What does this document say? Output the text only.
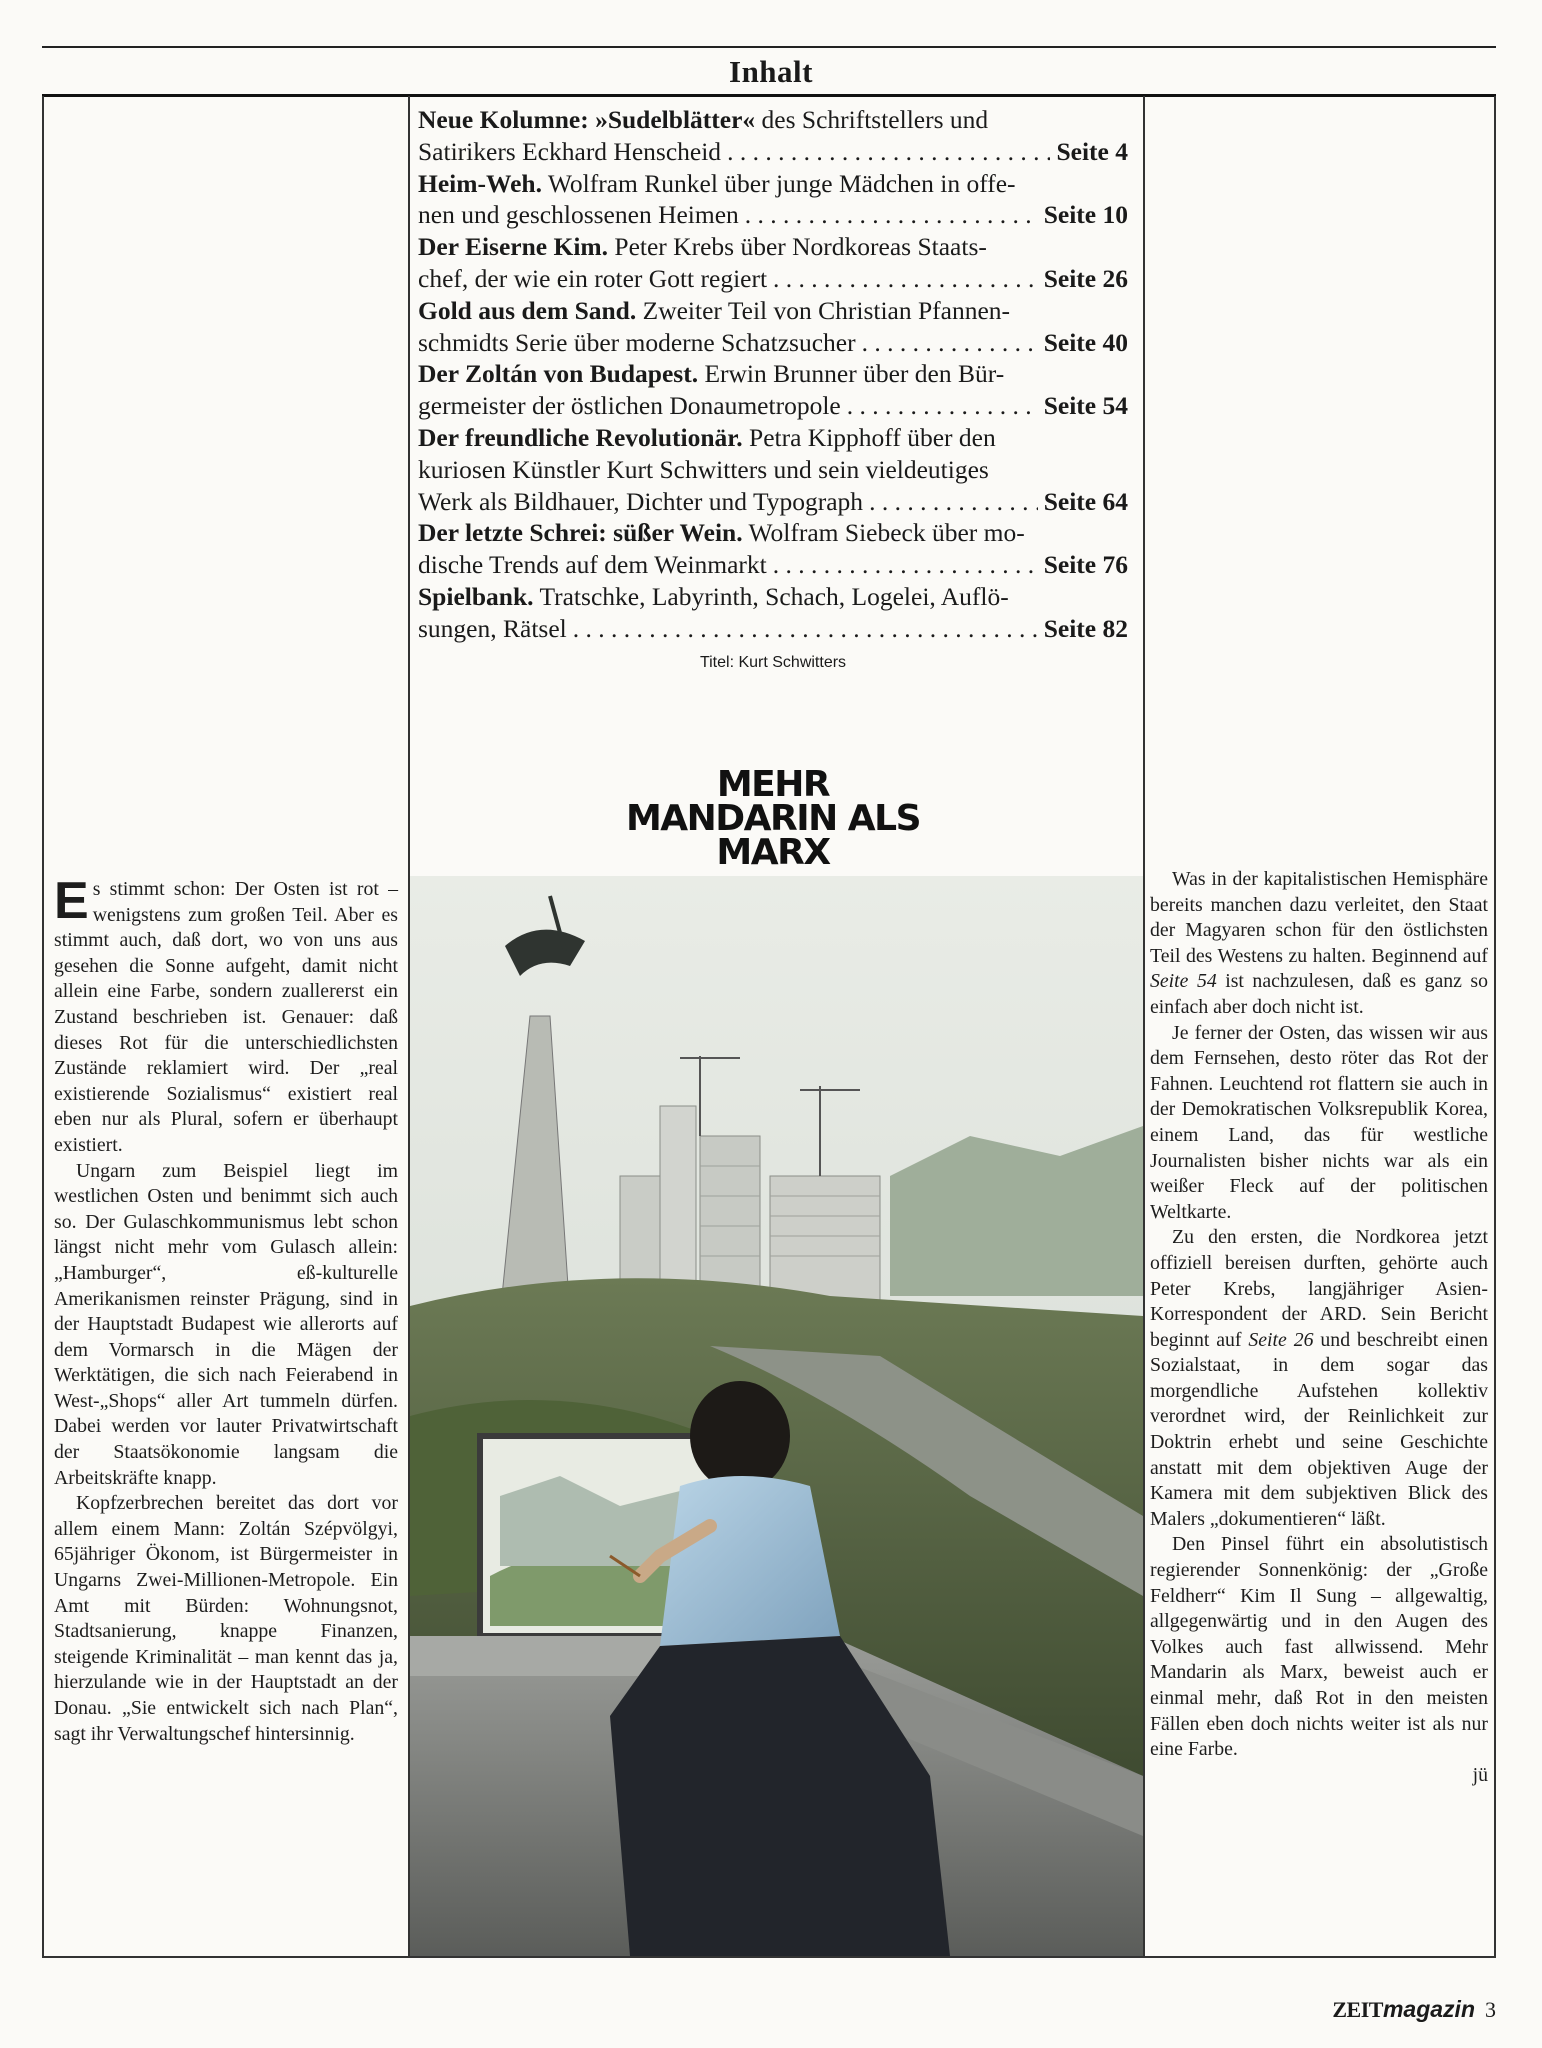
Inhalt
Neue Kolumne: »Sudelblätter« des Schriftstellers und
Satirikers Eckhard Henscheid . . .	Seite 4
Heim-Weh. Wolfram Runkel über junge Mädchen in offe-
nen und geschlossenen Heimen . . .	Seite 10
Der Eiserne Kim. Peter Krebs über Nordkoreas Staats-
chef, der wie ein roter Gott regiert . . .	Seite 26
Gold aus dem Sand. Zweiter Teil von Christian Pfannen-
schmidts Serie über moderne Schatzsucher . . .	Seite 40
Der Zoltán von Budapest. Erwin Brunner über den Bür-
germeister der östlichen Donaumetropole . . .	Seite 54
Der freundliche Revolutionär. Petra Kipphoff über den
kuriosen Künstler Kurt Schwitters und sein vieldeutiges
Werk als Bildhauer, Dichter und Typograph . . .	Seite 64
Der letzte Schrei: süßer Wein. Wolfram Siebeck über mo-
dische Trends auf dem Weinmarkt . . .	Seite 76
Spielbank. Tratschke, Labyrinth, Schach, Logelei, Auflö-
sungen, Rätsel . . .	Seite 82
Titel: Kurt Schwitters
MEHR
MANDARIN ALS
MARX

Es stimmt schon: Der Osten ist rot – wenigstens zum großen Teil. Aber es stimmt auch, daß dort, wo von uns aus gesehen die Sonne aufgeht, damit nicht allein eine Farbe, sondern zuallererst ein Zustand beschrieben ist. Genauer: daß dieses Rot für die unterschiedlichsten Zustände reklamiert wird. Der „real existierende Sozialismus“ existiert real eben nur als Plural, sofern er überhaupt existiert.

Ungarn zum Beispiel liegt im westlichen Osten und benimmt sich auch so. Der Gulaschkommunismus lebt schon längst nicht mehr vom Gulasch allein: „Hamburger“, eß-kulturelle Amerikanismen reinster Prägung, sind in der Hauptstadt Budapest wie allerorts auf dem Vormarsch in die Mägen der Werktätigen, die sich nach Feierabend in West-„Shops“ aller Art tummeln dürfen. Dabei werden vor lauter Privatwirtschaft der Staatsökonomie langsam die Arbeitskräfte knapp.

Kopfzerbrechen bereitet das dort vor allem einem Mann: Zoltán Szépvölgyi, 65jähriger Ökonom, ist Bürgermeister in Ungarns Zwei-Millionen-Metropole. Ein Amt mit Bürden: Wohnungsnot, Stadtsanierung, knappe Finanzen, steigende Kriminalität – man kennt das ja, hierzulande wie in der Hauptstadt an der Donau. „Sie entwickelt sich nach Plan“, sagt ihr Verwaltungschef hintersinnig.

Was in der kapitalistischen Hemisphäre bereits manchen dazu verleitet, den Staat der Magyaren schon für den östlichsten Teil des Westens zu halten. Beginnend auf Seite 54 ist nachzulesen, daß es ganz so einfach aber doch nicht ist.

Je ferner der Osten, das wissen wir aus dem Fernsehen, desto röter das Rot der Fahnen. Leuchtend rot flattern sie auch in der Demokratischen Volksrepublik Korea, einem Land, das für westliche Journalisten bisher nichts war als ein weißer Fleck auf der politischen Weltkarte.

Zu den ersten, die Nordkorea jetzt offiziell bereisen durften, gehörte auch Peter Krebs, langjähriger Asien-Korrespondent der ARD. Sein Bericht beginnt auf Seite 26 und beschreibt einen Sozialstaat, in dem sogar das morgendliche Aufstehen kollektiv verordnet wird, der Reinlichkeit zur Doktrin erhebt und seine Geschichte anstatt mit dem objektiven Auge der Kamera mit dem subjektiven Blick des Malers „dokumentieren“ läßt.

Den Pinsel führt ein absolutistisch regierender Sonnenkönig: der „Große Feldherr“ Kim Il Sung – allgewaltig, allgegenwärtig und in den Augen des Volkes auch fast allwissend. Mehr Mandarin als Marx, beweist auch er einmal mehr, daß Rot in den meisten Fällen eben doch nichts weiter ist als nur eine Farbe.
jü

ZEITmagazin 3
